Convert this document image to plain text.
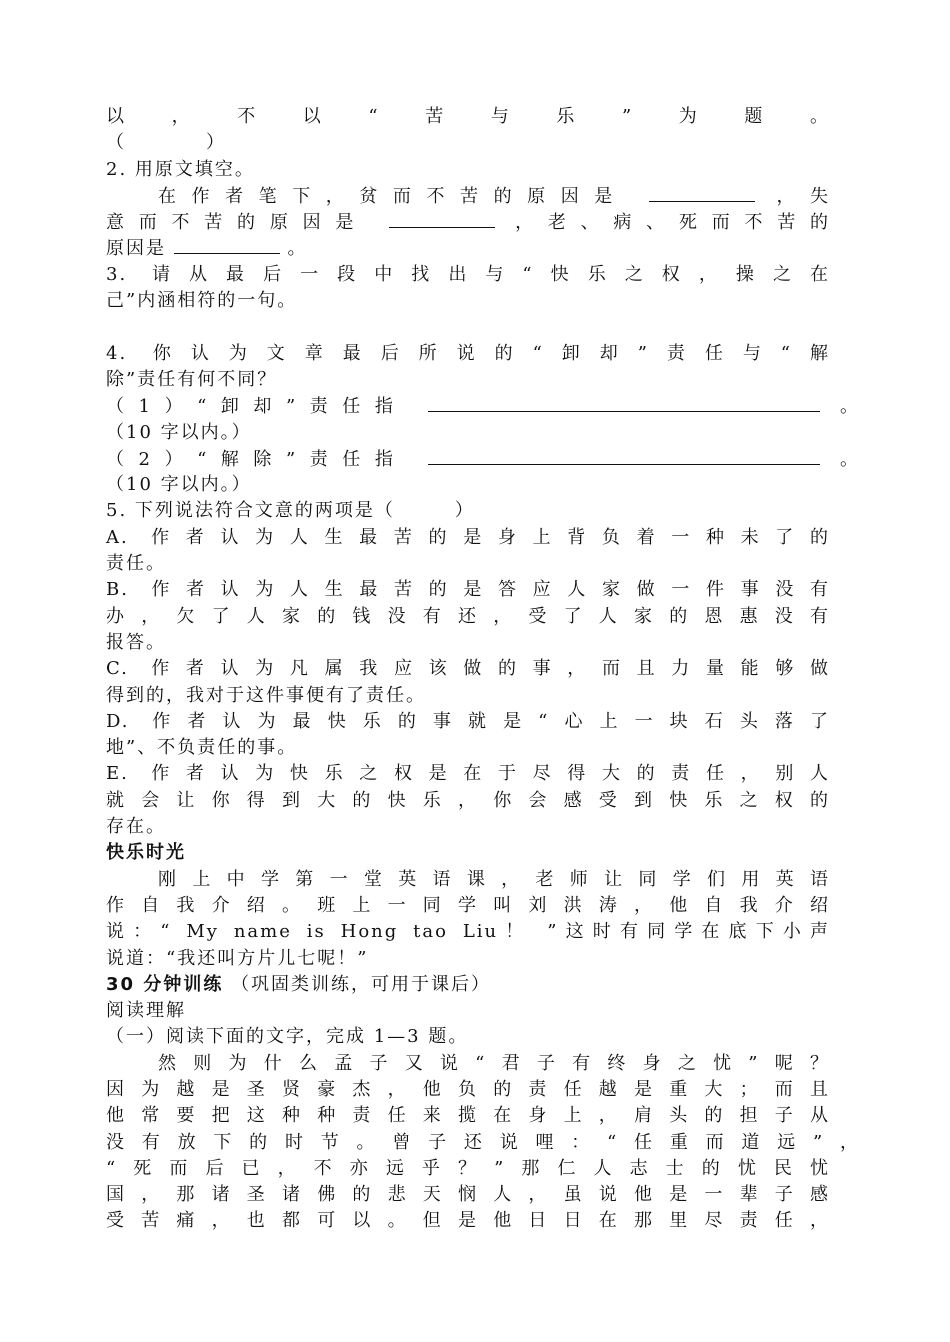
以，不以“苦与乐”为题。
（　　　　）
2. 用原文填空。
在作者笔下，贫而不苦的原因是	，失
意而不苦的原因是	，老、病、死而不苦的
原因是	。
3. 请从最后一段中找出与“快乐之权，操之在
己”内涵相符的一句。
4. 你认为文章最后所说的“卸却”责任与“解
除”责任有何不同？
（1）“卸却”责任指	。
（10 字以内。）
（2）“解除”责任指	。
（10 字以内。）
5. 下列说法符合文意的两项是（　　　）
A. 作者认为人生最苦的是身上背负着一种未了的
责任。
B. 作者认为人生最苦的是答应人家做一件事没有
办，欠了人家的钱没有还，受了人家的恩惠没有
报答。
C. 作者认为凡属我应该做的事，而且力量能够做
得到的，我对于这件事便有了责任。
D. 作者认为最快乐的事就是“心上一块石头落了
地”、不负责任的事。
E. 作者认为快乐之权是在于尽得大的责任，别人
就会让你得到大的快乐，你会感受到快乐之权的
存在。
快乐时光
刚上中学第一堂英语课，老师让同学们用英语
作自我介绍。班上一同学叫刘洪涛，他自我介绍
说：“ My name is Hong tao Liu！ ”这时有同学在底下小声
说道：“我还叫方片儿七呢！”
30 分钟训练 （巩固类训练，可用于课后）
阅读理解
（一）阅读下面的文字，完成 1—3 题。
然则为什么孟子又说“君子有终身之忧”呢？
因为越是圣贤豪杰，他负的责任越是重大；而且
他常要把这种种责任来揽在身上，肩头的担子从
没有放下的时节。曾子还说哩：“任重而道远”，
“死而后已，不亦远乎？”那仁人志士的忧民忧
国，那诸圣诸佛的悲天悯人，虽说他是一辈子感
受苦痛，也都可以。但是他日日在那里尽责任，
